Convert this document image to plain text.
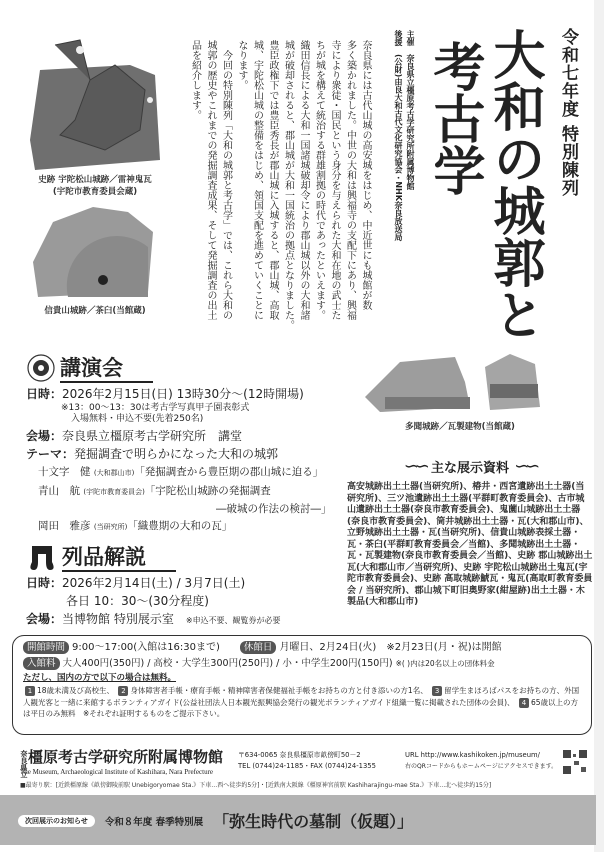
令和七年度 特別陳列
大和の城郭と
考古学
主催　奈良県立橿原考古学研究所附属博物館
後援　(公財)由良大和古代文化研究協会・NHK奈良放送局
奈良県には古代山城の高安城をはじめ、中近世にも城館が数
多く築かれました。中世の大和は興福寺の支配下にあり、興福
寺により衆徒・国民という身分を与えられた大和在地の武士た
ちが城を構えて統治する群雄割拠の時代であったといえます。
織田信長による大和一国諸城破却令により郡山城以外の大和諸
城が破却されると、郡山城が大和一国統治の拠点となりました。
豊臣政権下では豊臣秀長が郡山城に入城すると、郡山城、高取
城、宇陀松山城の整備をはじめ、領国支配を進めていくことに
なります。
　今回の特別陳列「大和の城郭と考古学」では、これら大和の
城郭の歴史やこれまでの発掘調査成果、そして発掘調査の出土
品を紹介します。
史跡 宇陀松山城跡／雷神鬼瓦
(宇陀市教育委員会蔵)
信貴山城跡／茶臼(当館蔵)
多聞城跡／瓦製建物(当館蔵)
講演会
日時：2026年2月15日(日) 13時30分～(12時開場)
※13：00～13：30は考古学写真甲子園表彰式
入場無料・申込不要(先着250名)
会場：奈良県立橿原考古学研究所　講堂
テーマ：発掘調査で明らかになった大和の城郭
十文字　健 (大和郡山市)「発掘調査から豊臣期の郡山城に迫る」
青山　航 (宇陀市教育委員会)「宇陀松山城跡の発掘調査
―破城の作法の検討―」
岡田　雅彦 (当研究所)「織豊期の大和の瓦」
列品解説
日時：2026年2月14日(土) / 3月7日(土)
各日 10：30～(30分程度)
会場：当博物館 特別展示室　 ※申込不要、観覧券が必要
∽∽ 主な展示資料 ∽∽
高安城跡出土土器(当研究所)、椿井・西宮遺跡出土土器(当研究所)、三ツ池遺跡出土土器(平群町教育委員会)、古市城山遺跡出土土器(奈良市教育委員会)、鬼薗山城跡出土土器(奈良市教育委員会)、筒井城跡出土土器・瓦(大和郡山市)、立野城跡出土土器・瓦(当研究所)、信貴山城跡表採土器・瓦・茶臼(平群町教育委員会／当館)、多聞城跡出土土器・瓦・瓦製建物(奈良市教育委員会／当館)、史跡 郡山城跡出土瓦(大和郡山市／当研究所)、史跡 宇陀松山城跡出土鬼瓦(宇陀市教育委員会)、史跡 高取城跡鯱瓦・鬼瓦(高取町教育委員会 / 当研究所)、郡山城下町旧奥野家(紺屋跡)出土土器・木製品(大和郡山市)
開館時間 9:00～17:00(入館は16:30まで)　　	休館日 月曜日、2月24日(火)　※2月23日(月・祝)は開館
入館料 大人400円(350円) / 高校・大学生300円(250円) / 小・中学生200円(150円) ※( )内は20名以上の団体料金
ただし、国内の方で以下の場合は無料。
1 18歳未満及び高校生、 2 身体障害者手帳・療育手帳・精神障害者保健福祉手帳をお持ちの方と付き添いの方1名、 3 留学生まほろばパスをお持ちの方、外国人観光客と一緒に来館するボランティアガイド(公益社団法人日本観光振興協会発行の観光ボランティアガイド組織一覧に掲載された団体の会員)、 4 65歳以上の方は平日のみ無料　※それぞれ証明するものをご提示下さい。
奈良県立 橿原考古学研究所附属博物館
The Museum, Archaeological Institute of Kashihara, Nara Prefecture
〒634-0065 奈良県橿原市畝傍町50－2
TEL (0744)24-1185・FAX (0744)24-1355
URL http://www.kashikoken.jp/museum/
右のQRコードからもホームページにアクセスできます。
■最寄り駅：[近鉄橿原線《畝傍御陵前駅 Unebigoryomae Sta.》下車…西へ徒歩約5分]・[近鉄南大阪線《橿原神宮前駅 Kashiharajingu-mae Sta.》下車…北へ徒歩約15分]
次回展示のお知らせ	令和８年度 春季特別展 「弥生時代の墓制（仮題）」
